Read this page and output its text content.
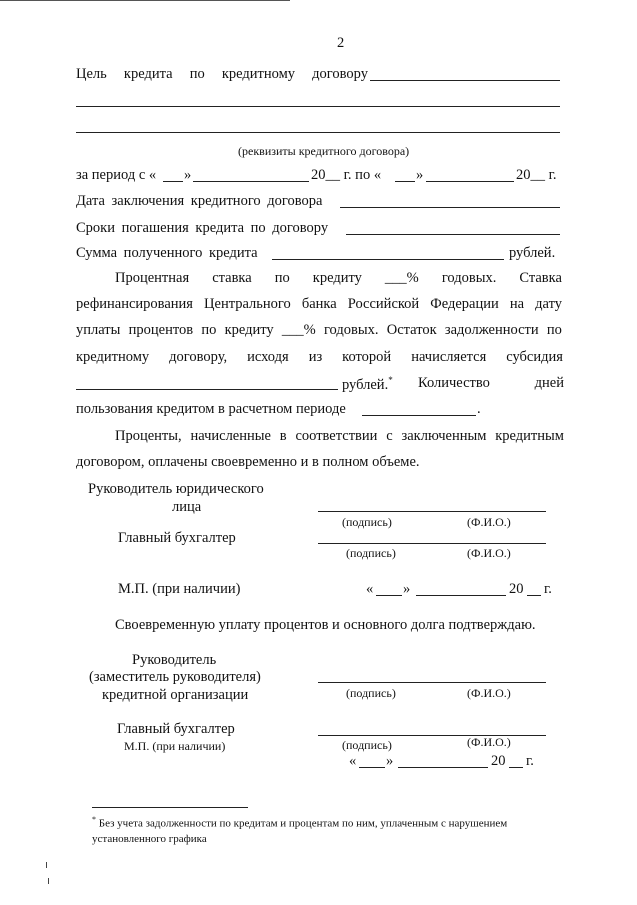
2
Цель кредита по кредитному договору
(реквизиты кредитного договора)
за период с « »	20__ г. по « »	20__ г.
Дата заключения кредитного договора
Сроки погашения кредита по договору
Сумма полученного кредита	рублей.
Процентная ставка по кредиту ___% годовых. Ставка
рефинансирования Центрального банка Российской Федерации на дату
уплаты процентов по кредиту ___% годовых. Остаток задолженности по
кредитному договору, исходя из которой начисляется субсидия
рублей.* Количество	дней
пользования кредитом в расчетном периоде	.
Проценты, начисленные в соответствии с заключенным кредитным
договором, оплачены своевременно и в полном объеме.
Руководитель юридического
лица
(подпись)	(Ф.И.О.)
Главный бухгалтер
(подпись)	(Ф.И.О.)
М.П. (при наличии)	« »	20 г.
Своевременную уплату процентов и основного долга подтверждаю.
Руководитель
(заместитель руководителя)
кредитной организации	(подпись)	(Ф.И.О.)
Главный бухгалтер
М.П. (при наличии)	(подпись)	(Ф.И.О.)
« »	20 г.
* Без учета задолженности по кредитам и процентам по ним, уплаченным с нарушением
установленного графика
